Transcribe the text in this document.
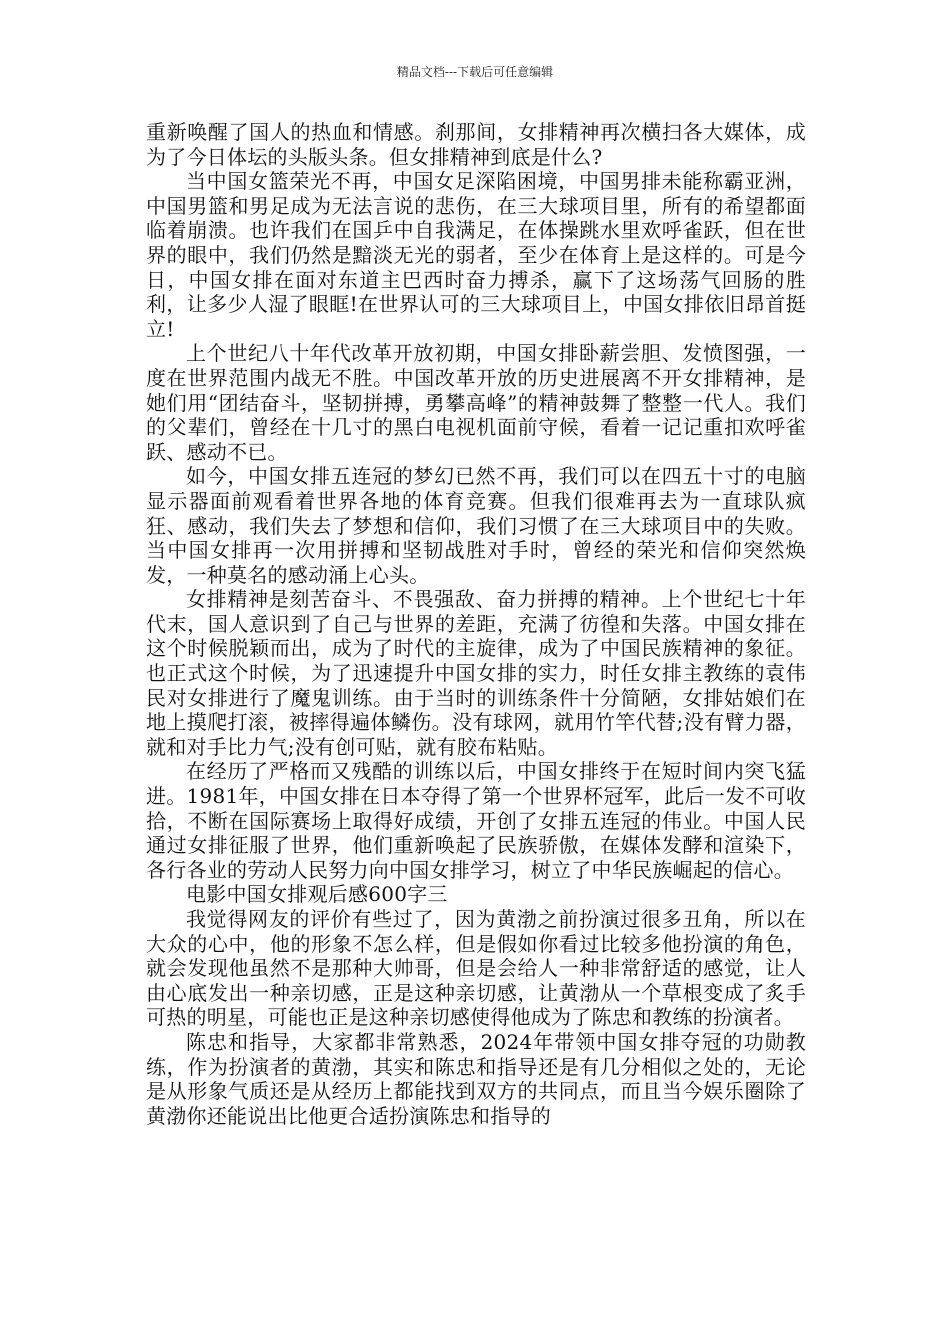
精品文档---下载后可任意编辑

重新唤醒了国人的热血和情感。刹那间，女排精神再次横扫各大媒体，成为了今日体坛的头版头条。但女排精神到底是什么?

当中国女篮荣光不再，中国女足深陷困境，中国男排未能称霸亚洲，中国男篮和男足成为无法言说的悲伤，在三大球项目里，所有的希望都面临着崩溃。也许我们在国乒中自我满足，在体操跳水里欢呼雀跃，但在世界的眼中，我们仍然是黯淡无光的弱者，至少在体育上是这样的。可是今日，中国女排在面对东道主巴西时奋力搏杀，赢下了这场荡气回肠的胜利，让多少人湿了眼眶!在世界认可的三大球项目上，中国女排依旧昂首挺立!

上个世纪八十年代改革开放初期，中国女排卧薪尝胆、发愤图强，一度在世界范围内战无不胜。中国改革开放的历史进展离不开女排精神，是她们用“团结奋斗，坚韧拼搏，勇攀高峰”的精神鼓舞了整整一代人。我们的父辈们，曾经在十几寸的黑白电视机面前守候，看着一记记重扣欢呼雀跃、感动不已。

如今，中国女排五连冠的梦幻已然不再，我们可以在四五十寸的电脑显示器面前观看着世界各地的体育竞赛。但我们很难再去为一直球队疯狂、感动，我们失去了梦想和信仰，我们习惯了在三大球项目中的失败。当中国女排再一次用拼搏和坚韧战胜对手时，曾经的荣光和信仰突然焕发，一种莫名的感动涌上心头。

女排精神是刻苦奋斗、不畏强敌、奋力拼搏的精神。上个世纪七十年代末，国人意识到了自己与世界的差距，充满了彷徨和失落。中国女排在这个时候脱颖而出，成为了时代的主旋律，成为了中国民族精神的象征。也正式这个时候，为了迅速提升中国女排的实力，时任女排主教练的袁伟民对女排进行了魔鬼训练。由于当时的训练条件十分简陋，女排姑娘们在地上摸爬打滚，被摔得遍体鳞伤。没有球网，就用竹竿代替;没有臂力器，就和对手比力气;没有创可贴，就有胶布粘贴。

在经历了严格而又残酷的训练以后，中国女排终于在短时间内突飞猛进。1981年，中国女排在日本夺得了第一个世界杯冠军，此后一发不可收拾，不断在国际赛场上取得好成绩，开创了女排五连冠的伟业。中国人民通过女排征服了世界，他们重新唤起了民族骄傲，在媒体发酵和渲染下，各行各业的劳动人民努力向中国女排学习，树立了中华民族崛起的信心。

电影中国女排观后感600字三

我觉得网友的评价有些过了，因为黄渤之前扮演过很多丑角，所以在大众的心中，他的形象不怎么样，但是假如你看过比较多他扮演的角色，就会发现他虽然不是那种大帅哥，但是会给人一种非常舒适的感觉，让人由心底发出一种亲切感，正是这种亲切感，让黄渤从一个草根变成了炙手可热的明星，可能也正是这种亲切感使得他成为了陈忠和教练的扮演者。

陈忠和指导，大家都非常熟悉，2024年带领中国女排夺冠的功勋教练，作为扮演者的黄渤，其实和陈忠和指导还是有几分相似之处的，无论是从形象气质还是从经历上都能找到双方的共同点，而且当今娱乐圈除了黄渤你还能说出比他更合适扮演陈忠和指导的
